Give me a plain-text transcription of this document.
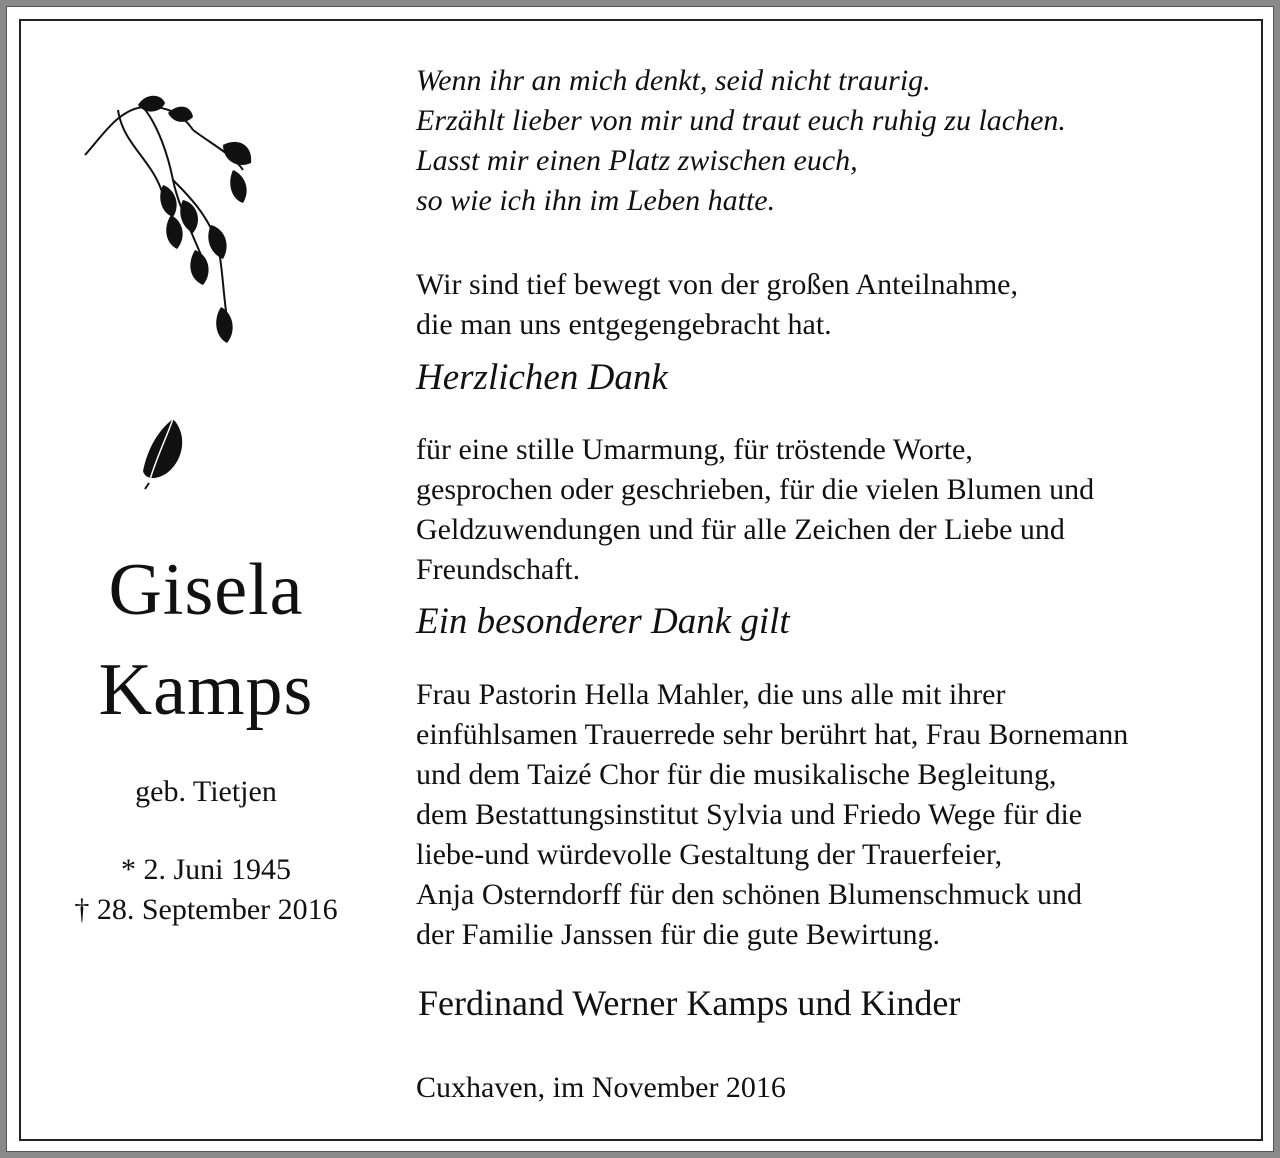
Gisela
Kamps
geb. Tietjen
* 2. Juni 1945
† 28. September 2016
Wenn ihr an mich denkt, seid nicht traurig.
Erzählt lieber von mir und traut euch ruhig zu lachen.
Lasst mir einen Platz zwischen euch,
so wie ich ihn im Leben hatte.
Wir sind tief bewegt von der großen Anteilnahme,
die man uns entgegengebracht hat.
Herzlichen Dank
für eine stille Umarmung, für tröstende Worte,
gesprochen oder geschrieben, für die vielen Blumen und
Geldzuwendungen und für alle Zeichen der Liebe und
Freundschaft.
Ein besonderer Dank gilt
Frau Pastorin Hella Mahler, die uns alle mit ihrer
einfühlsamen Trauerrede sehr berührt hat, Frau Bornemann
und dem Taizé Chor für die musikalische Begleitung,
dem Bestattungsinstitut Sylvia und Friedo Wege für die
liebe-und würdevolle Gestaltung der Trauerfeier,
Anja Osterndorff für den schönen Blumenschmuck und
der Familie Janssen für die gute Bewirtung.
Ferdinand Werner Kamps und Kinder
Cuxhaven, im November 2016
